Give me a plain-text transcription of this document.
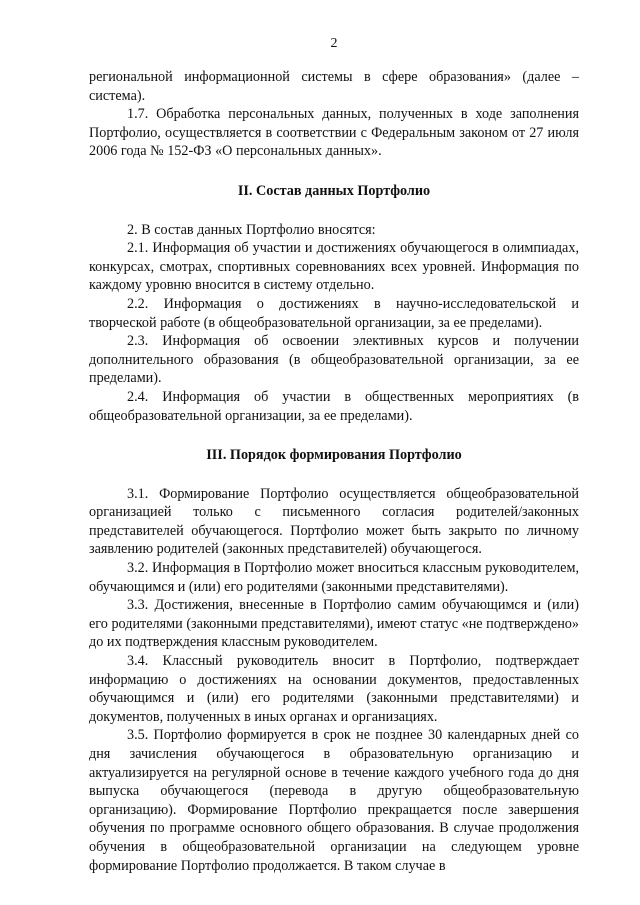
2

региональной информационной системы в сфере образования» (далее – система).

1.7. Обработка персональных данных, полученных в ходе заполнения Портфолио, осуществляется в соответствии с Федеральным законом от 27 июля 2006 года № 152-ФЗ «О персональных данных».

II. Состав данных Портфолио

2. В состав данных Портфолио вносятся:

2.1. Информация об участии и достижениях обучающегося в олимпиадах, конкурсах, смотрах, спортивных соревнованиях всех уровней. Информация по каждому уровню вносится в систему отдельно.

2.2. Информация о достижениях в научно-исследовательской и творческой работе (в общеобразовательной организации, за ее пределами).

2.3. Информация об освоении элективных курсов и получении дополнительного образования (в общеобразовательной организации, за ее пределами).

2.4. Информация об участии в общественных мероприятиях (в общеобразовательной организации, за ее пределами).

III. Порядок формирования Портфолио

3.1. Формирование Портфолио осуществляется общеобразовательной организацией только с письменного согласия родителей/законных представителей обучающегося. Портфолио может быть закрыто по личному заявлению родителей (законных представителей) обучающегося.

3.2. Информация в Портфолио может вноситься классным руководителем, обучающимся и (или) его родителями (законными представителями).

3.3. Достижения, внесенные в Портфолио самим обучающимся и (или) его родителями (законными представителями), имеют статус «не подтверждено» до их подтверждения классным руководителем.

3.4. Классный руководитель вносит в Портфолио, подтверждает информацию о достижениях на основании документов, предоставленных обучающимся и (или) его родителями (законными представителями) и документов, полученных в иных органах и организациях.

3.5. Портфолио формируется в срок не позднее 30 календарных дней со дня зачисления обучающегося в образовательную организацию и актуализируется на регулярной основе в течение каждого учебного года до дня выпуска обучающегося (перевода в другую общеобразовательную организацию). Формирование Портфолио прекращается после завершения обучения по программе основного общего образования. В случае продолжения обучения в общеобразовательной организации на следующем уровне формирование Портфолио продолжается. В таком случае в
